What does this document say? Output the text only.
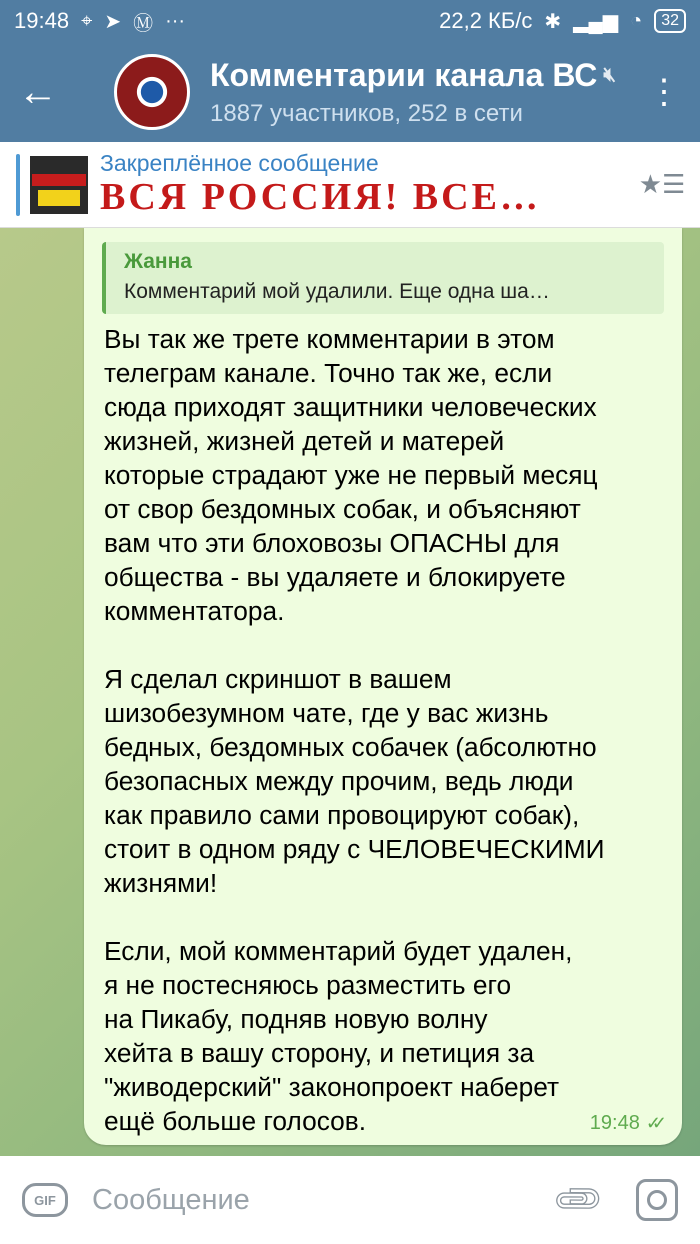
19:48 ⌖ ➤ Ⓜ ···	22,2 КБ/с ✱ ▂▄▆ ◔	32
←	Комментарии канала ВС 🔇︎
1887 участников, 252 в сети
⋮
Закреплённое сообщение
ВСЯ РОССИЯ! ВСЕ…	★☰
Жанна
Комментарий мой удалили. Еще одна ша…
Вы так же трете комментарии в этом
телеграм канале. Точно так же, если
сюда приходят защитники человеческих
жизней, жизней детей и матерей
которые страдают уже не первый месяц
от свор бездомных собак, и объясняют
вам что эти блоховозы ОПАСНЫ для
общества - вы удаляете и блокируете
комментатора.

Я сделал скриншот в вашем
шизобезумном чате, где у вас жизнь
бедных, бездомных собачек (абсолютно
безопасных между прочим, ведь люди
как правило сами провоцируют собак),
стоит в одном ряду с ЧЕЛОВЕЧЕСКИМИ
жизнями!

Если, мой комментарий будет удален,
я не постесняюсь разместить его
на Пикабу, подняв новую волну
хейта в вашу сторону, и петиция за
"живодерский" законопроект наберет
ещё больше голосов.	19:48 ✓✓
GIF
Сообщение	📎︎
